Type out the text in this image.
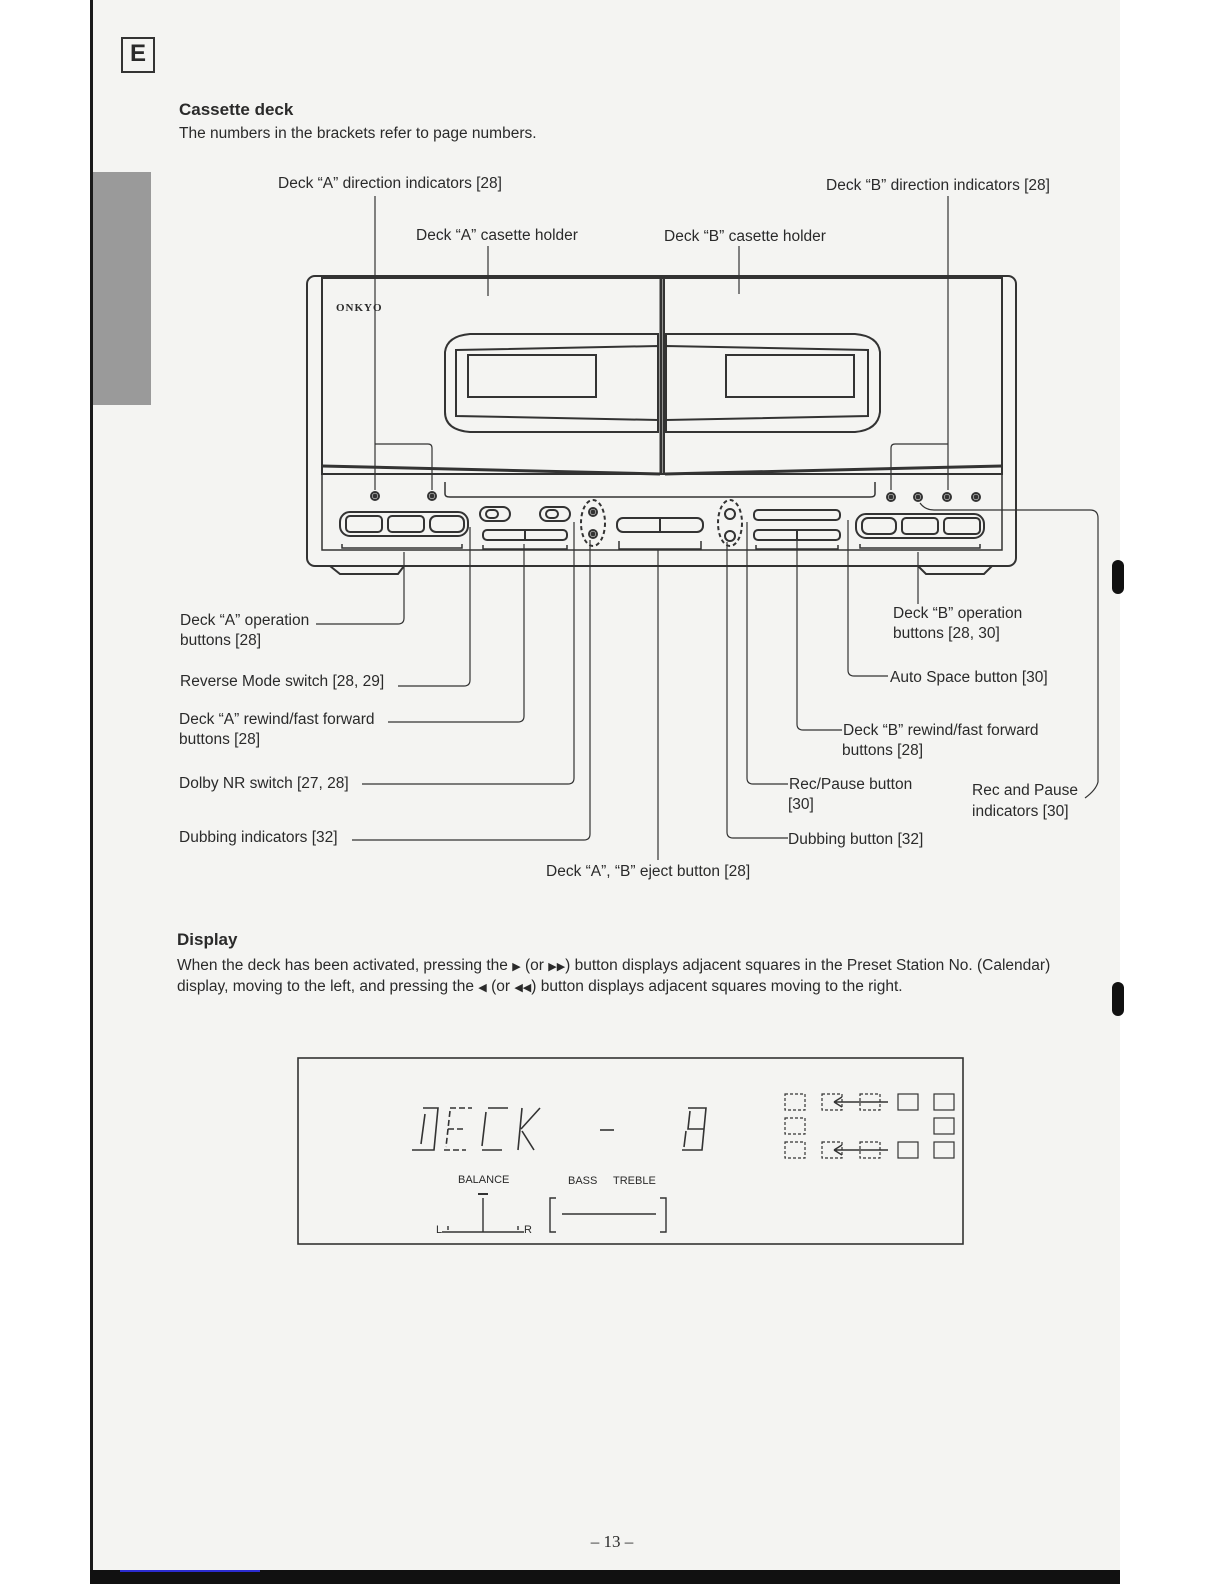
E
Cassette deck
The numbers in the brackets refer to page numbers.
ONKYO
Deck “A” direction indicators [28]	Deck “B” direction indicators [28]
Deck “A” casette holder	Deck “B” casette holder
Deck “A” operation
buttons [28]
Reverse Mode switch [28, 29]
Deck “A” rewind/fast forward
buttons [28]
Dolby NR switch [27, 28]
Dubbing indicators [32]
Deck “A”, “B” eject button [28]
Deck “B” operation
buttons [28, 30]
Auto Space button [30]
Deck “B” rewind/fast forward
buttons [28]
Rec/Pause button
[30]
Rec and Pause
indicators [30]
Dubbing button [32]
Display
When the deck has been activated, pressing the ▶ (or ▶▶) button displays adjacent squares in the Preset Station No. (Calendar)
display, moving to the left, and pressing the ◀ (or ◀◀) button displays adjacent squares moving to the right.
BALANCE	BASS TREBLE
L	R
– 13 –
